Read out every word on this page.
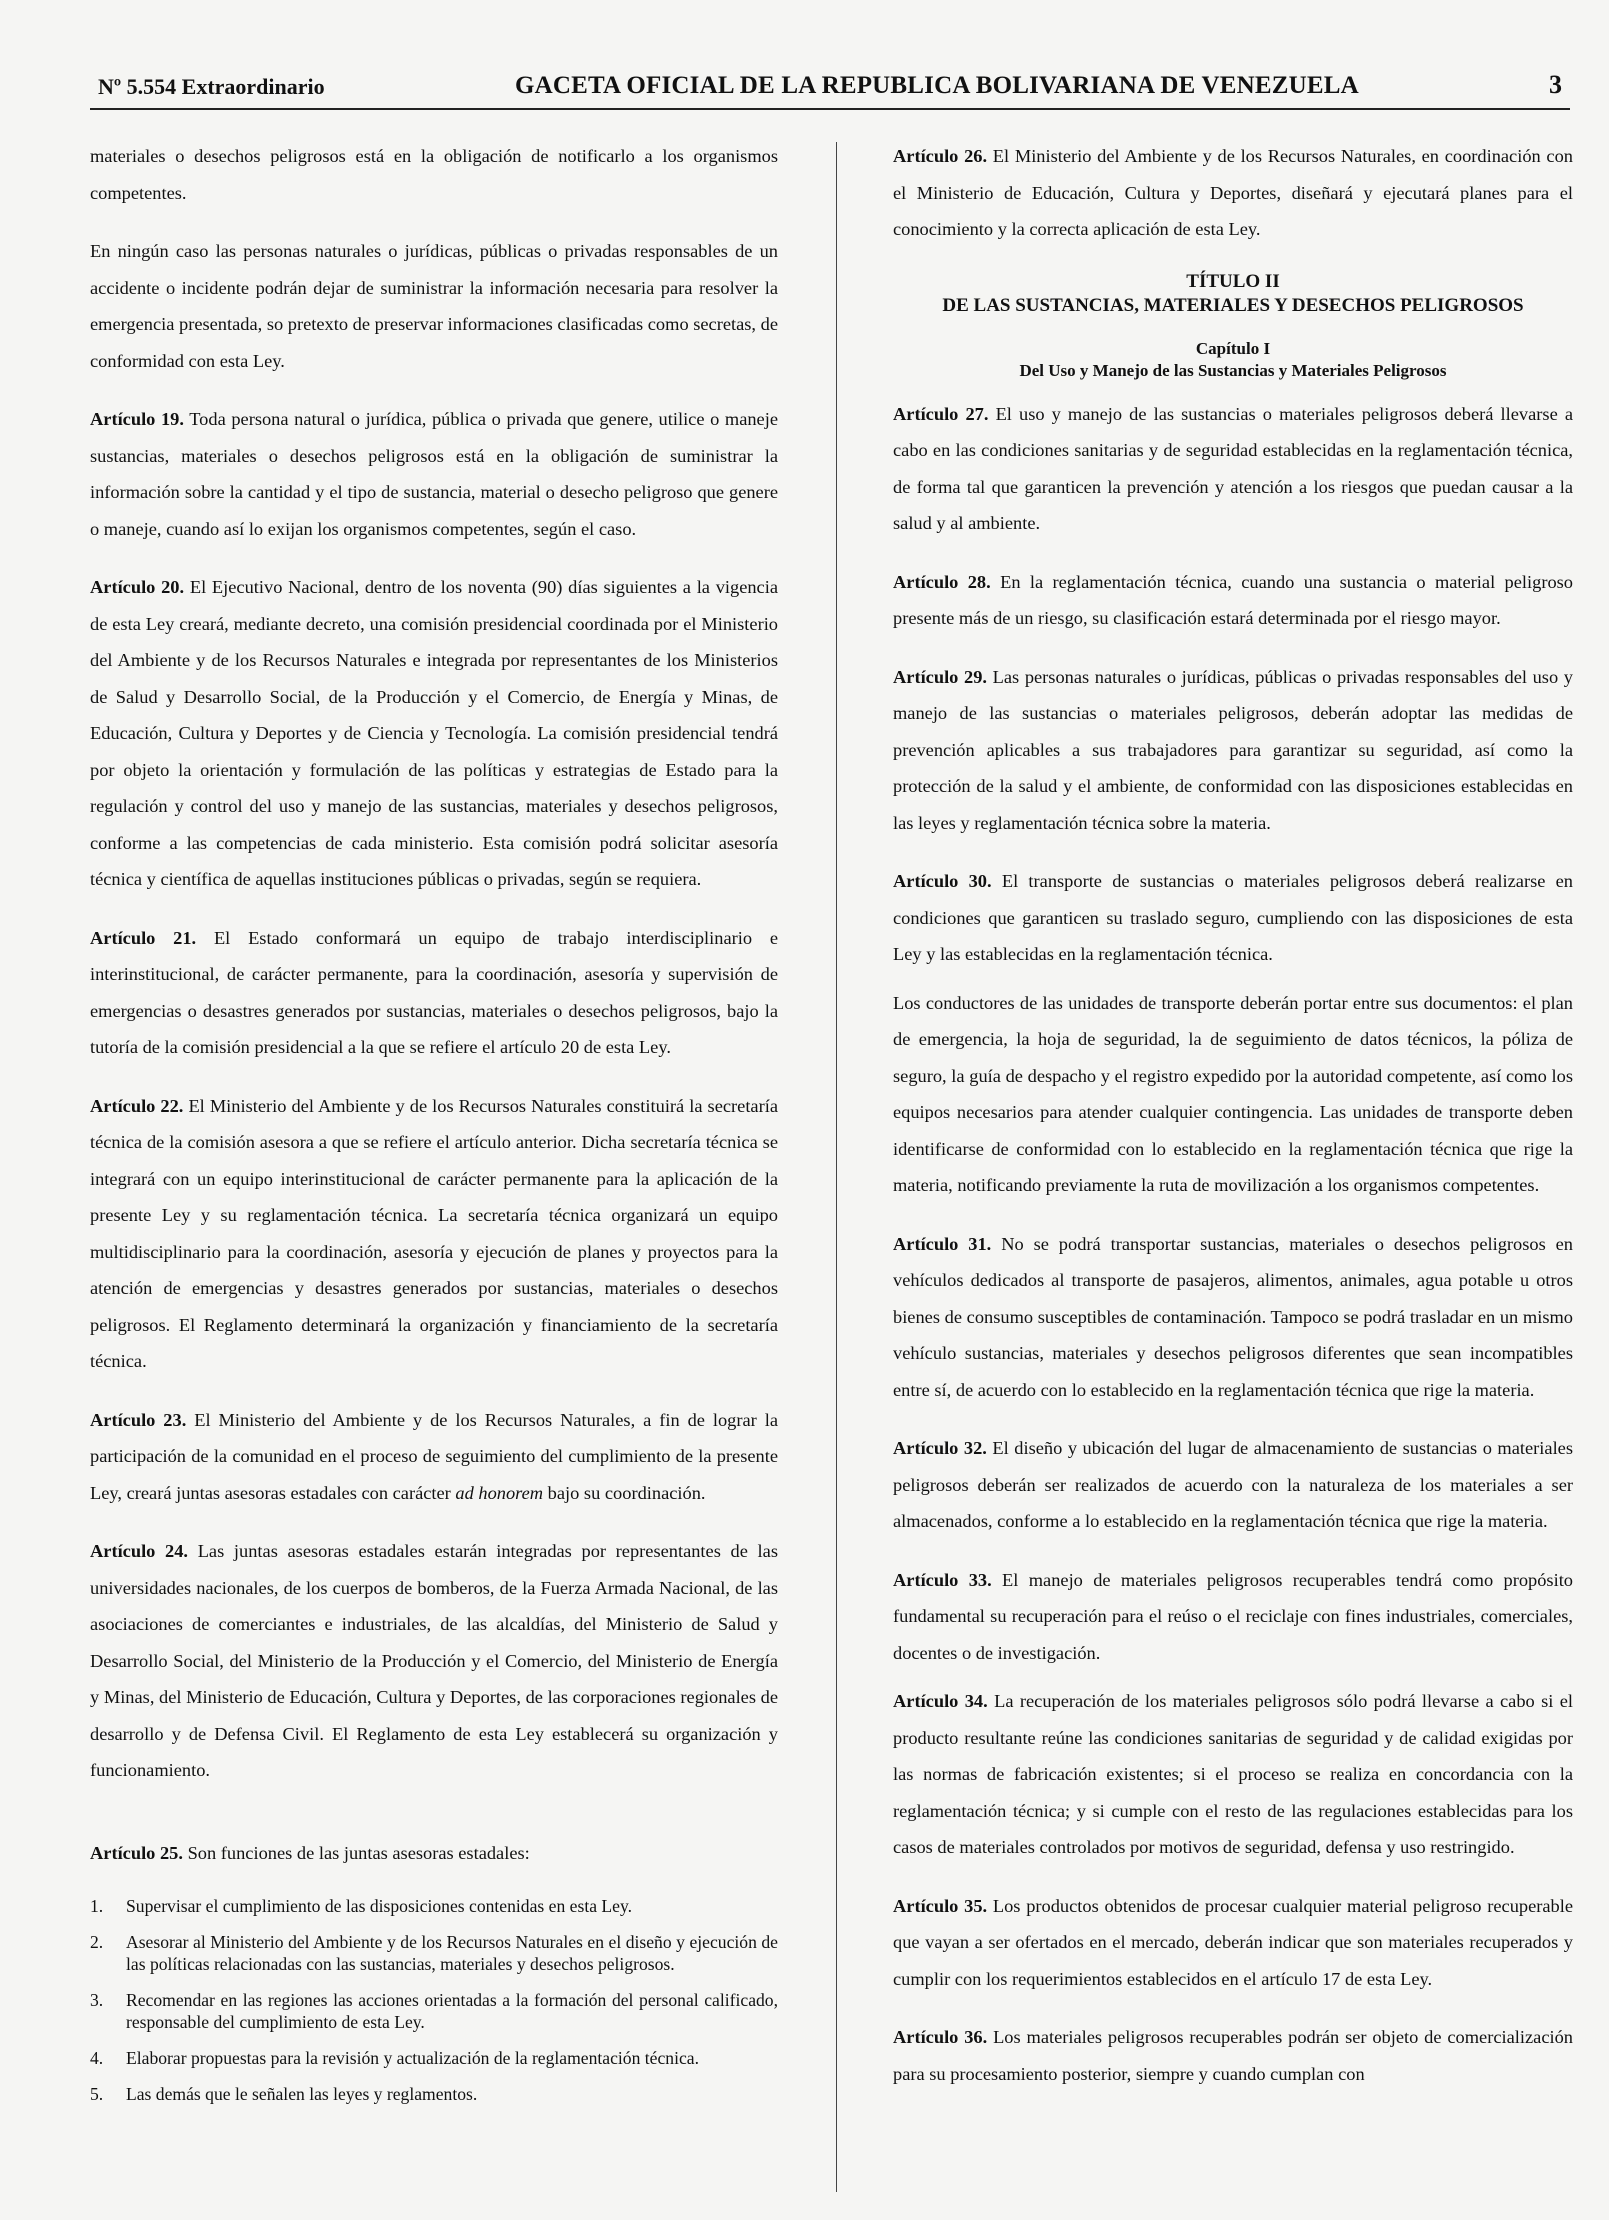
Nº 5.554 Extraordinario	GACETA OFICIAL DE LA REPUBLICA BOLIVARIANA DE VENEZUELA	3

materiales o desechos peligrosos está en la obligación de notificarlo a los organismos competentes.

En ningún caso las personas naturales o jurídicas, públicas o privadas responsables de un accidente o incidente podrán dejar de suministrar la información necesaria para resolver la emergencia presentada, so pretexto de preservar informaciones clasificadas como secretas, de conformidad con esta Ley.

Artículo 19. Toda persona natural o jurídica, pública o privada que genere, utilice o maneje sustancias, materiales o desechos peligrosos está en la obligación de suministrar la información sobre la cantidad y el tipo de sustancia, material o desecho peligroso que genere o maneje, cuando así lo exijan los organismos competentes, según el caso.

Artículo 20. El Ejecutivo Nacional, dentro de los noventa (90) días siguientes a la vigencia de esta Ley creará, mediante decreto, una comisión presidencial coordinada por el Ministerio del Ambiente y de los Recursos Naturales e integrada por representantes de los Ministerios de Salud y Desarrollo Social, de la Producción y el Comercio, de Energía y Minas, de Educación, Cultura y Deportes y de Ciencia y Tecnología. La comisión presidencial tendrá por objeto la orientación y formulación de las políticas y estrategias de Estado para la regulación y control del uso y manejo de las sustancias, materiales y desechos peligrosos, conforme a las competencias de cada ministerio. Esta comisión podrá solicitar asesoría técnica y científica de aquellas instituciones públicas o privadas, según se requiera.

Artículo 21. El Estado conformará un equipo de trabajo interdisciplinario e interinstitucional, de carácter permanente, para la coordinación, asesoría y supervisión de emergencias o desastres generados por sustancias, materiales o desechos peligrosos, bajo la tutoría de la comisión presidencial a la que se refiere el artículo 20 de esta Ley.

Artículo 22. El Ministerio del Ambiente y de los Recursos Naturales constituirá la secretaría técnica de la comisión asesora a que se refiere el artículo anterior. Dicha secretaría técnica se integrará con un equipo interinstitucional de carácter permanente para la aplicación de la presente Ley y su reglamentación técnica. La secretaría técnica organizará un equipo multidisciplinario para la coordinación, asesoría y ejecución de planes y proyectos para la atención de emergencias y desastres generados por sustancias, materiales o desechos peligrosos. El Reglamento determinará la organización y financiamiento de la secretaría técnica.

Artículo 23. El Ministerio del Ambiente y de los Recursos Naturales, a fin de lograr la participación de la comunidad en el proceso de seguimiento del cumplimiento de la presente Ley, creará juntas asesoras estadales con carácter ad honorem bajo su coordinación.

Artículo 24. Las juntas asesoras estadales estarán integradas por representantes de las universidades nacionales, de los cuerpos de bomberos, de la Fuerza Armada Nacional, de las asociaciones de comerciantes e industriales, de las alcaldías, del Ministerio de Salud y Desarrollo Social, del Ministerio de la Producción y el Comercio, del Ministerio de Energía y Minas, del Ministerio de Educación, Cultura y Deportes, de las corporaciones regionales de desarrollo y de Defensa Civil. El Reglamento de esta Ley establecerá su organización y funcionamiento.

Artículo 25. Son funciones de las juntas asesoras estadales:

1. Supervisar el cumplimiento de las disposiciones contenidas en esta Ley.
2. Asesorar al Ministerio del Ambiente y de los Recursos Naturales en el diseño y ejecución de las políticas relacionadas con las sustancias, materiales y desechos peligrosos.
3. Recomendar en las regiones las acciones orientadas a la formación del personal calificado, responsable del cumplimiento de esta Ley.
4. Elaborar propuestas para la revisión y actualización de la reglamentación técnica.
5. Las demás que le señalen las leyes y reglamentos.

Artículo 26. El Ministerio del Ambiente y de los Recursos Naturales, en coordinación con el Ministerio de Educación, Cultura y Deportes, diseñará y ejecutará planes para el conocimiento y la correcta aplicación de esta Ley.

TÍTULO II
DE LAS SUSTANCIAS, MATERIALES Y DESECHOS PELIGROSOS
Capítulo I
Del Uso y Manejo de las Sustancias y Materiales Peligrosos

Artículo 27. El uso y manejo de las sustancias o materiales peligrosos deberá llevarse a cabo en las condiciones sanitarias y de seguridad establecidas en la reglamentación técnica, de forma tal que garanticen la prevención y atención a los riesgos que puedan causar a la salud y al ambiente.

Artículo 28. En la reglamentación técnica, cuando una sustancia o material peligroso presente más de un riesgo, su clasificación estará determinada por el riesgo mayor.

Artículo 29. Las personas naturales o jurídicas, públicas o privadas responsables del uso y manejo de las sustancias o materiales peligrosos, deberán adoptar las medidas de prevención aplicables a sus trabajadores para garantizar su seguridad, así como la protección de la salud y el ambiente, de conformidad con las disposiciones establecidas en las leyes y reglamentación técnica sobre la materia.

Artículo 30. El transporte de sustancias o materiales peligrosos deberá realizarse en condiciones que garanticen su traslado seguro, cumpliendo con las disposiciones de esta Ley y las establecidas en la reglamentación técnica.

Los conductores de las unidades de transporte deberán portar entre sus documentos: el plan de emergencia, la hoja de seguridad, la de seguimiento de datos técnicos, la póliza de seguro, la guía de despacho y el registro expedido por la autoridad competente, así como los equipos necesarios para atender cualquier contingencia. Las unidades de transporte deben identificarse de conformidad con lo establecido en la reglamentación técnica que rige la materia, notificando previamente la ruta de movilización a los organismos competentes.

Artículo 31. No se podrá transportar sustancias, materiales o desechos peligrosos en vehículos dedicados al transporte de pasajeros, alimentos, animales, agua potable u otros bienes de consumo susceptibles de contaminación. Tampoco se podrá trasladar en un mismo vehículo sustancias, materiales y desechos peligrosos diferentes que sean incompatibles entre sí, de acuerdo con lo establecido en la reglamentación técnica que rige la materia.

Artículo 32. El diseño y ubicación del lugar de almacenamiento de sustancias o materiales peligrosos deberán ser realizados de acuerdo con la naturaleza de los materiales a ser almacenados, conforme a lo establecido en la reglamentación técnica que rige la materia.

Artículo 33. El manejo de materiales peligrosos recuperables tendrá como propósito fundamental su recuperación para el reúso o el reciclaje con fines industriales, comerciales, docentes o de investigación.

Artículo 34. La recuperación de los materiales peligrosos sólo podrá llevarse a cabo si el producto resultante reúne las condiciones sanitarias de seguridad y de calidad exigidas por las normas de fabricación existentes; si el proceso se realiza en concordancia con la reglamentación técnica; y si cumple con el resto de las regulaciones establecidas para los casos de materiales controlados por motivos de seguridad, defensa y uso restringido.

Artículo 35. Los productos obtenidos de procesar cualquier material peligroso recuperable que vayan a ser ofertados en el mercado, deberán indicar que son materiales recuperados y cumplir con los requerimientos establecidos en el artículo 17 de esta Ley.

Artículo 36. Los materiales peligrosos recuperables podrán ser objeto de comercialización para su procesamiento posterior, siempre y cuando cumplan con
